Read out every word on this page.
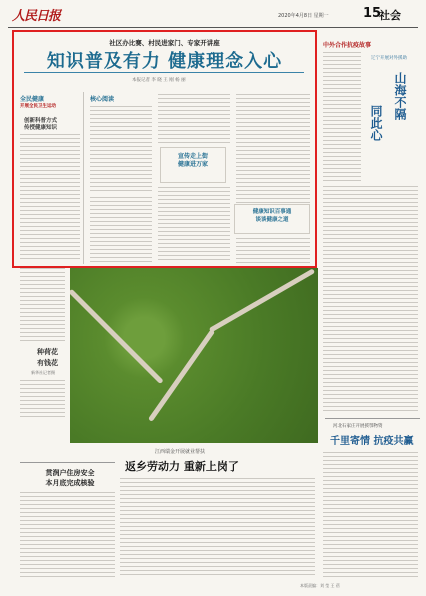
人民日报	2020年4月8日 星期一	15
社会
社区办比赛、村民进家门、专家开讲座
知识普及有力 健康理念入心
本报记者 李 晓 王 刚 杨 丽
全民健康
开展全民卫生运动
创新科普方式
传授健康知识
核心阅读
宣传走上街
健康进万家
健康知识百事通
谈谈健康之道
中外合作抗疫故事
辽宁开展对外援助
山海不隔
同此心
种荷花
有钱花
新华社记者摄
贯润户住房安全
本月底完成核验
江西瑞金开展就业帮扶
返乡劳动力 重新上岗了
河北石家庄开展援鄂物资
千里寄情 抗疫共赢
本版责编：刘 莹 王 蓓
